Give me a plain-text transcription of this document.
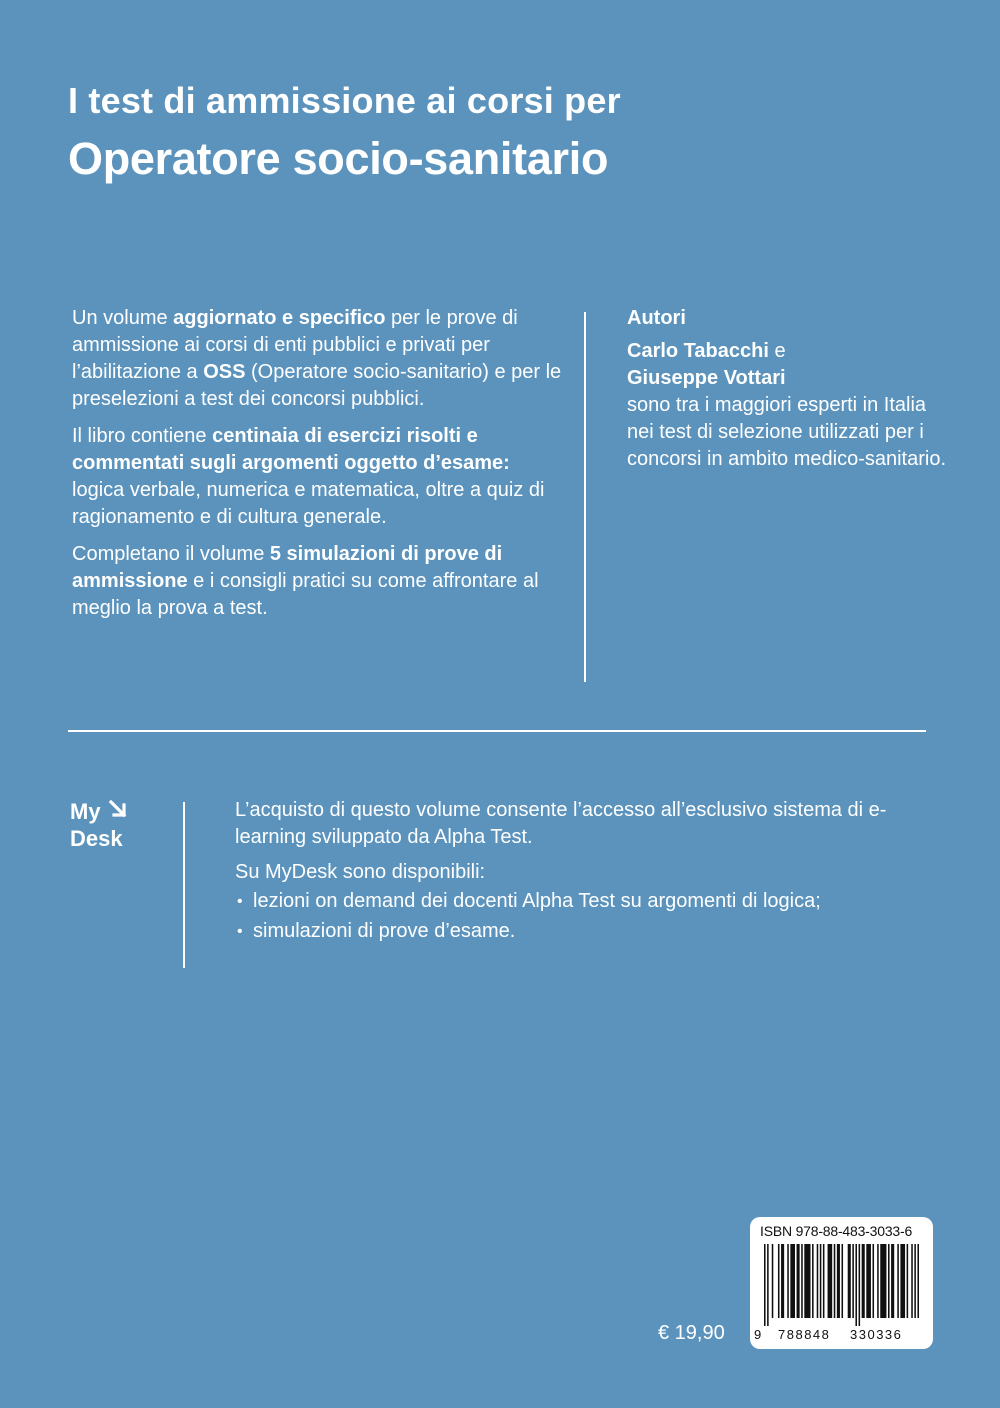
I test di ammissione ai corsi per
Operatore socio-sanitario

Un volume aggiornato e specifico per le prove di ammissione ai corsi di enti pubblici e privati per l’abilitazione a OSS (Operatore socio-sanitario) e per le preselezioni a test dei concorsi pubblici.

Il libro contiene centinaia di esercizi risolti e commentati sugli argomenti oggetto d’esame: logica verbale, numerica e matematica, oltre a quiz di ragionamento e di cultura generale.

Completano il volume 5 simulazioni di prove di ammissione e i consigli pratici su come affrontare al meglio la prova a test.

Autori
Carlo Tabacchi e
Giuseppe Vottari
sono tra i maggiori esperti in Italia nei test di selezione utilizzati per i concorsi in ambito medico-sanitario.
My
Desk

L’acquisto di questo volume consente l’accesso all’esclusivo sistema di e-learning sviluppato da Alpha Test.

Su MyDesk sono disponibili:

• lezioni on demand dei docenti Alpha Test su argomenti di logica;
• simulazioni di prove d’esame.
€ 19,90
ISBN 978-88-483-3033-6
9 788848 330336
